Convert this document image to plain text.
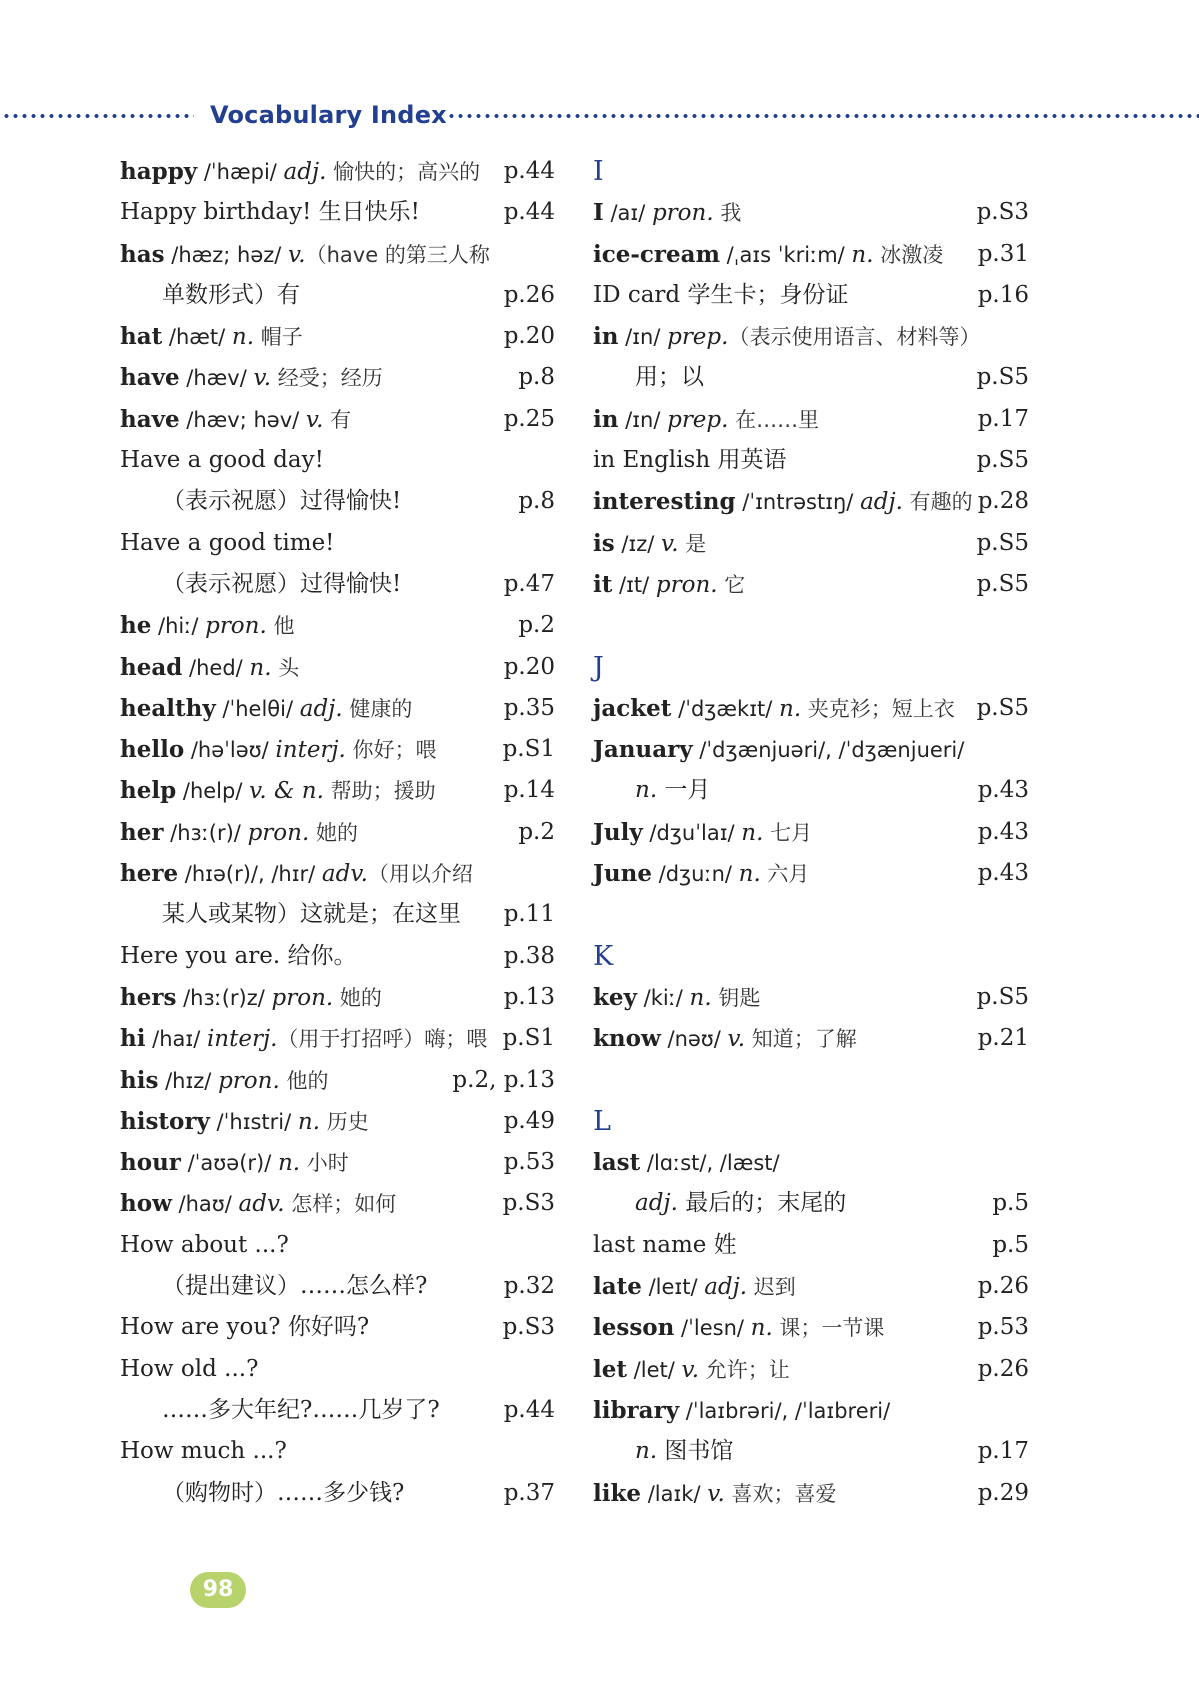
Vocabulary Index
happy /ˈhæpi/ adj. 愉快的；高兴的 p.44
Happy birthday! 生日快乐!	p.44
has /hæz; həz/ v.（have 的第三人称
单数形式）有	p.26
hat /hæt/ n. 帽子	p.20
have /hæv/ v. 经受；经历	p.8
have /hæv; həv/ v. 有	p.25
Have a good day!
（表示祝愿）过得愉快!	p.8
Have a good time!
（表示祝愿）过得愉快!	p.47
he /hiː/ pron. 他	p.2
head /hed/ n. 头	p.20
healthy /ˈhelθi/ adj. 健康的	p.35
hello /həˈləʊ/ interj. 你好；喂	p.S1
help /help/ v. & n. 帮助；援助	p.14
her /hɜː(r)/ pron. 她的	p.2
here /hɪə(r)/, /hɪr/ adv.（用以介绍
某人或某物）这就是；在这里 p.11
Here you are. 给你。	p.38
hers /hɜː(r)z/ pron. 她的	p.13
hi /haɪ/ interj.（用于打招呼）嗨；喂 p.S1
his /hɪz/ pron. 他的	p.2, p.13
history /ˈhɪstri/ n. 历史	p.49
hour /ˈaʊə(r)/ n. 小时	p.53
how /haʊ/ adv. 怎样；如何	p.S3
How about ...?
（提出建议）……怎么样?	p.32
How are you? 你好吗?	p.S3
How old ...?
……多大年纪?……几岁了?	p.44
How much ...?
（购物时）……多少钱?	p.37
I
I /aɪ/ pron. 我	p.S3
ice-cream /ˌaɪs ˈkriːm/ n. 冰激凌 p.31
ID card 学生卡；身份证	p.16
in /ɪn/ prep.（表示使用语言、材料等）
用；以	p.S5
in /ɪn/ prep. 在……里	p.17
in English 用英语	p.S5
interesting /ˈɪntrəstɪŋ/ adj. 有趣的 p.28
is /ɪz/ v. 是	p.S5
it /ɪt/ pron. 它	p.S5
J
jacket /ˈdʒækɪt/ n. 夹克衫；短上衣 p.S5
January /ˈdʒænjuəri/, /ˈdʒænjueri/
n. 一月	p.43
July /dʒuˈlaɪ/ n. 七月	p.43
June /dʒuːn/ n. 六月	p.43
K
key /kiː/ n. 钥匙	p.S5
know /nəʊ/ v. 知道；了解	p.21
L
last /lɑːst/, /læst/
adj. 最后的；末尾的	p.5
last name 姓	p.5
late /leɪt/ adj. 迟到	p.26
lesson /ˈlesn/ n. 课；一节课	p.53
let /let/ v. 允许；让	p.26
library /ˈlaɪbrəri/, /ˈlaɪbreri/
n. 图书馆	p.17
like /laɪk/ v. 喜欢；喜爱	p.29
98
